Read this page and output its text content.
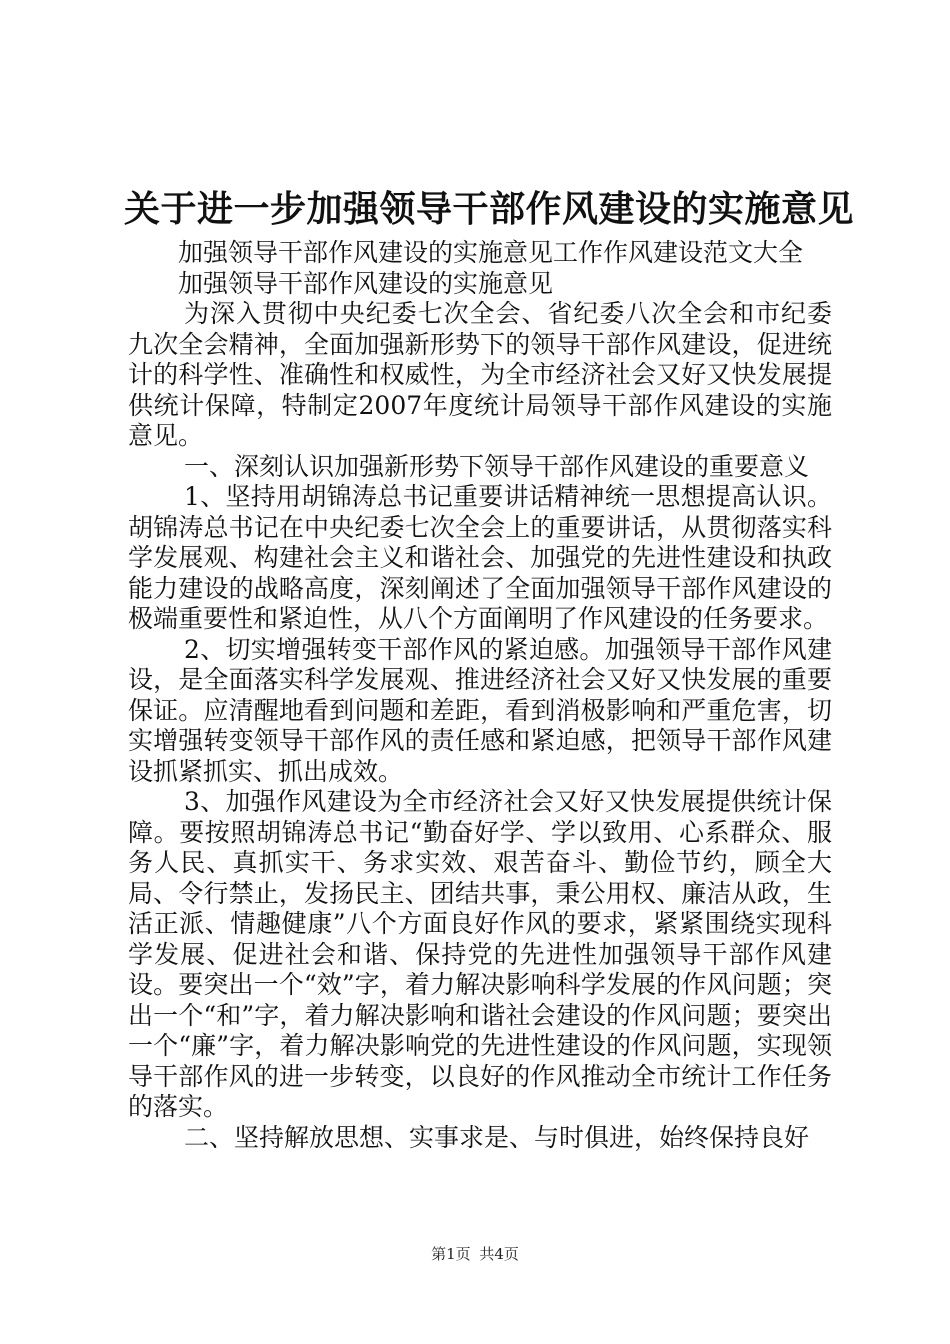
关于进一步加强领导干部作风建设的实施意见

加强领导干部作风建设的实施意见工作作风建设范文大全

加强领导干部作风建设的实施意见

为深入贯彻中央纪委七次全会、省纪委八次全会和市纪委九次全会精神，全面加强新形势下的领导干部作风建设，促进统计的科学性、准确性和权威性，为全市经济社会又好又快发展提供统计保障，特制定2007年度统计局领导干部作风建设的实施意见。

一、深刻认识加强新形势下领导干部作风建设的重要意义

1、坚持用胡锦涛总书记重要讲话精神统一思想提高认识。胡锦涛总书记在中央纪委七次全会上的重要讲话，从贯彻落实科学发展观、构建社会主义和谐社会、加强党的先进性建设和执政能力建设的战略高度，深刻阐述了全面加强领导干部作风建设的极端重要性和紧迫性，从八个方面阐明了作风建设的任务要求。

2、切实增强转变干部作风的紧迫感。加强领导干部作风建设，是全面落实科学发展观、推进经济社会又好又快发展的重要保证。应清醒地看到问题和差距，看到消极影响和严重危害，切实增强转变领导干部作风的责任感和紧迫感，把领导干部作风建设抓紧抓实、抓出成效。

3、加强作风建设为全市经济社会又好又快发展提供统计保障。要按照胡锦涛总书记“勤奋好学、学以致用、心系群众、服务人民、真抓实干、务求实效、艰苦奋斗、勤俭节约，顾全大局、令行禁止，发扬民主、团结共事，秉公用权、廉洁从政，生活正派、情趣健康”八个方面良好作风的要求，紧紧围绕实现科学发展、促进社会和谐、保持党的先进性加强领导干部作风建设。要突出一个“效”字，着力解决影响科学发展的作风问题；突出一个“和”字，着力解决影响和谐社会建设的作风问题；要突出一个“廉”字，着力解决影响党的先进性建设的作风问题，实现领导干部作风的进一步转变，以良好的作风推动全市统计工作任务的落实。

二、坚持解放思想、实事求是、与时俱进，始终保持良好

第1页 共4页
